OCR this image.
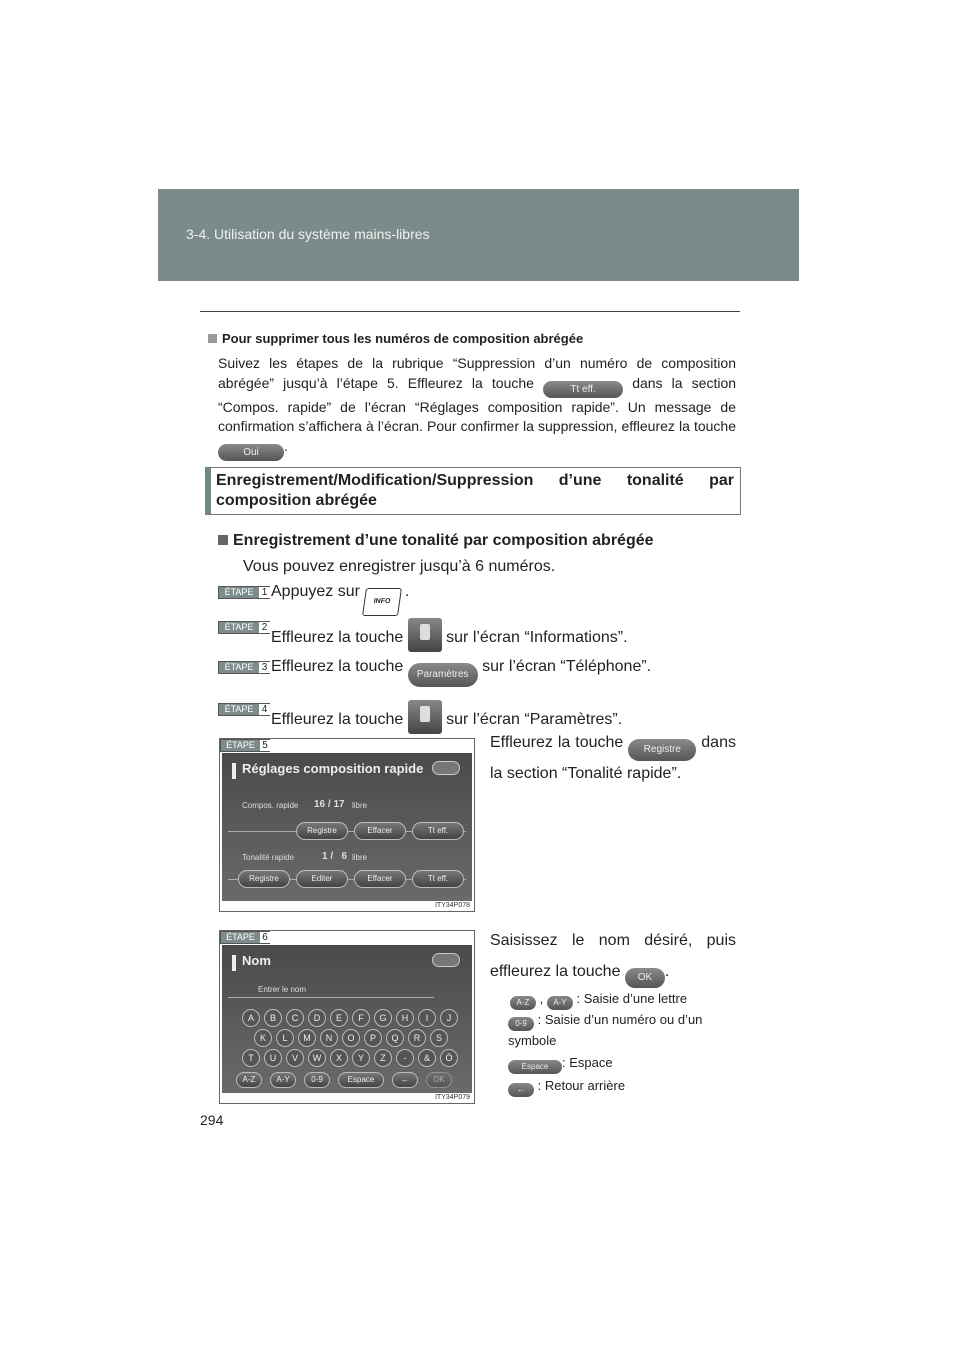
3-4. Utilisation du système mains-libres
Pour supprimer tous les numéros de composition abrégée
Suivez les étapes de la rubrique “Suppression d’un numéro de composition abrégée” jusqu’à l’étape 5. Effleurez la touche	Tt eff.	dans la section “Compos. rapide” de l’écran “Réglages composition rapide”. Un message de confirmation s’affichera à l’écran. Pour confirmer la suppression, effleurez la touche Oui .
Enregistrement/Modification/Suppression d’une tonalité par composition abrégée
Enregistrement d’une tonalité par composition abrégée
Vous pouvez enregistrer jusqu’à 6 numéros.
ÉTAPE 1 Appuyez sur INFO .
ÉTAPE 2
Effleurez la touche	sur l’écran “Informations”.
ÉTAPE 3 Effleurez la touche Paramètres sur l’écran “Téléphone”.
ÉTAPE 4
Effleurez la touche	sur l’écran “Paramètres”.
ÉTAPE 5
Réglages composition rapide
Compos. rapide 16 / 17 libre
Registre	Effacer	Tt eff.
Tonalité rapide	1 /   6 libre
Registre	Editer	Effacer	Tt eff.
ITY34P078
Effleurez la touche Registre dans la section “Tonalité rapide”.
ÉTAPE 6
Nom
Entrer le nom
A	B	C	D	E	F	G	H	I	J
K	L	M	N	O	P	Q	R	S
T	U	V	W	X	Y	Z	-	&	Ö
A-Z	A-Y	0-9	Espace	←	OK
ITY34P079
Saisissez le nom désiré, puis effleurez la touche OK .
A-Z , A-Y : Saisie d’une lettre
0-9 : Saisie d’un numéro ou d’un symbole
Espace : Espace
← : Retour arrière
294
